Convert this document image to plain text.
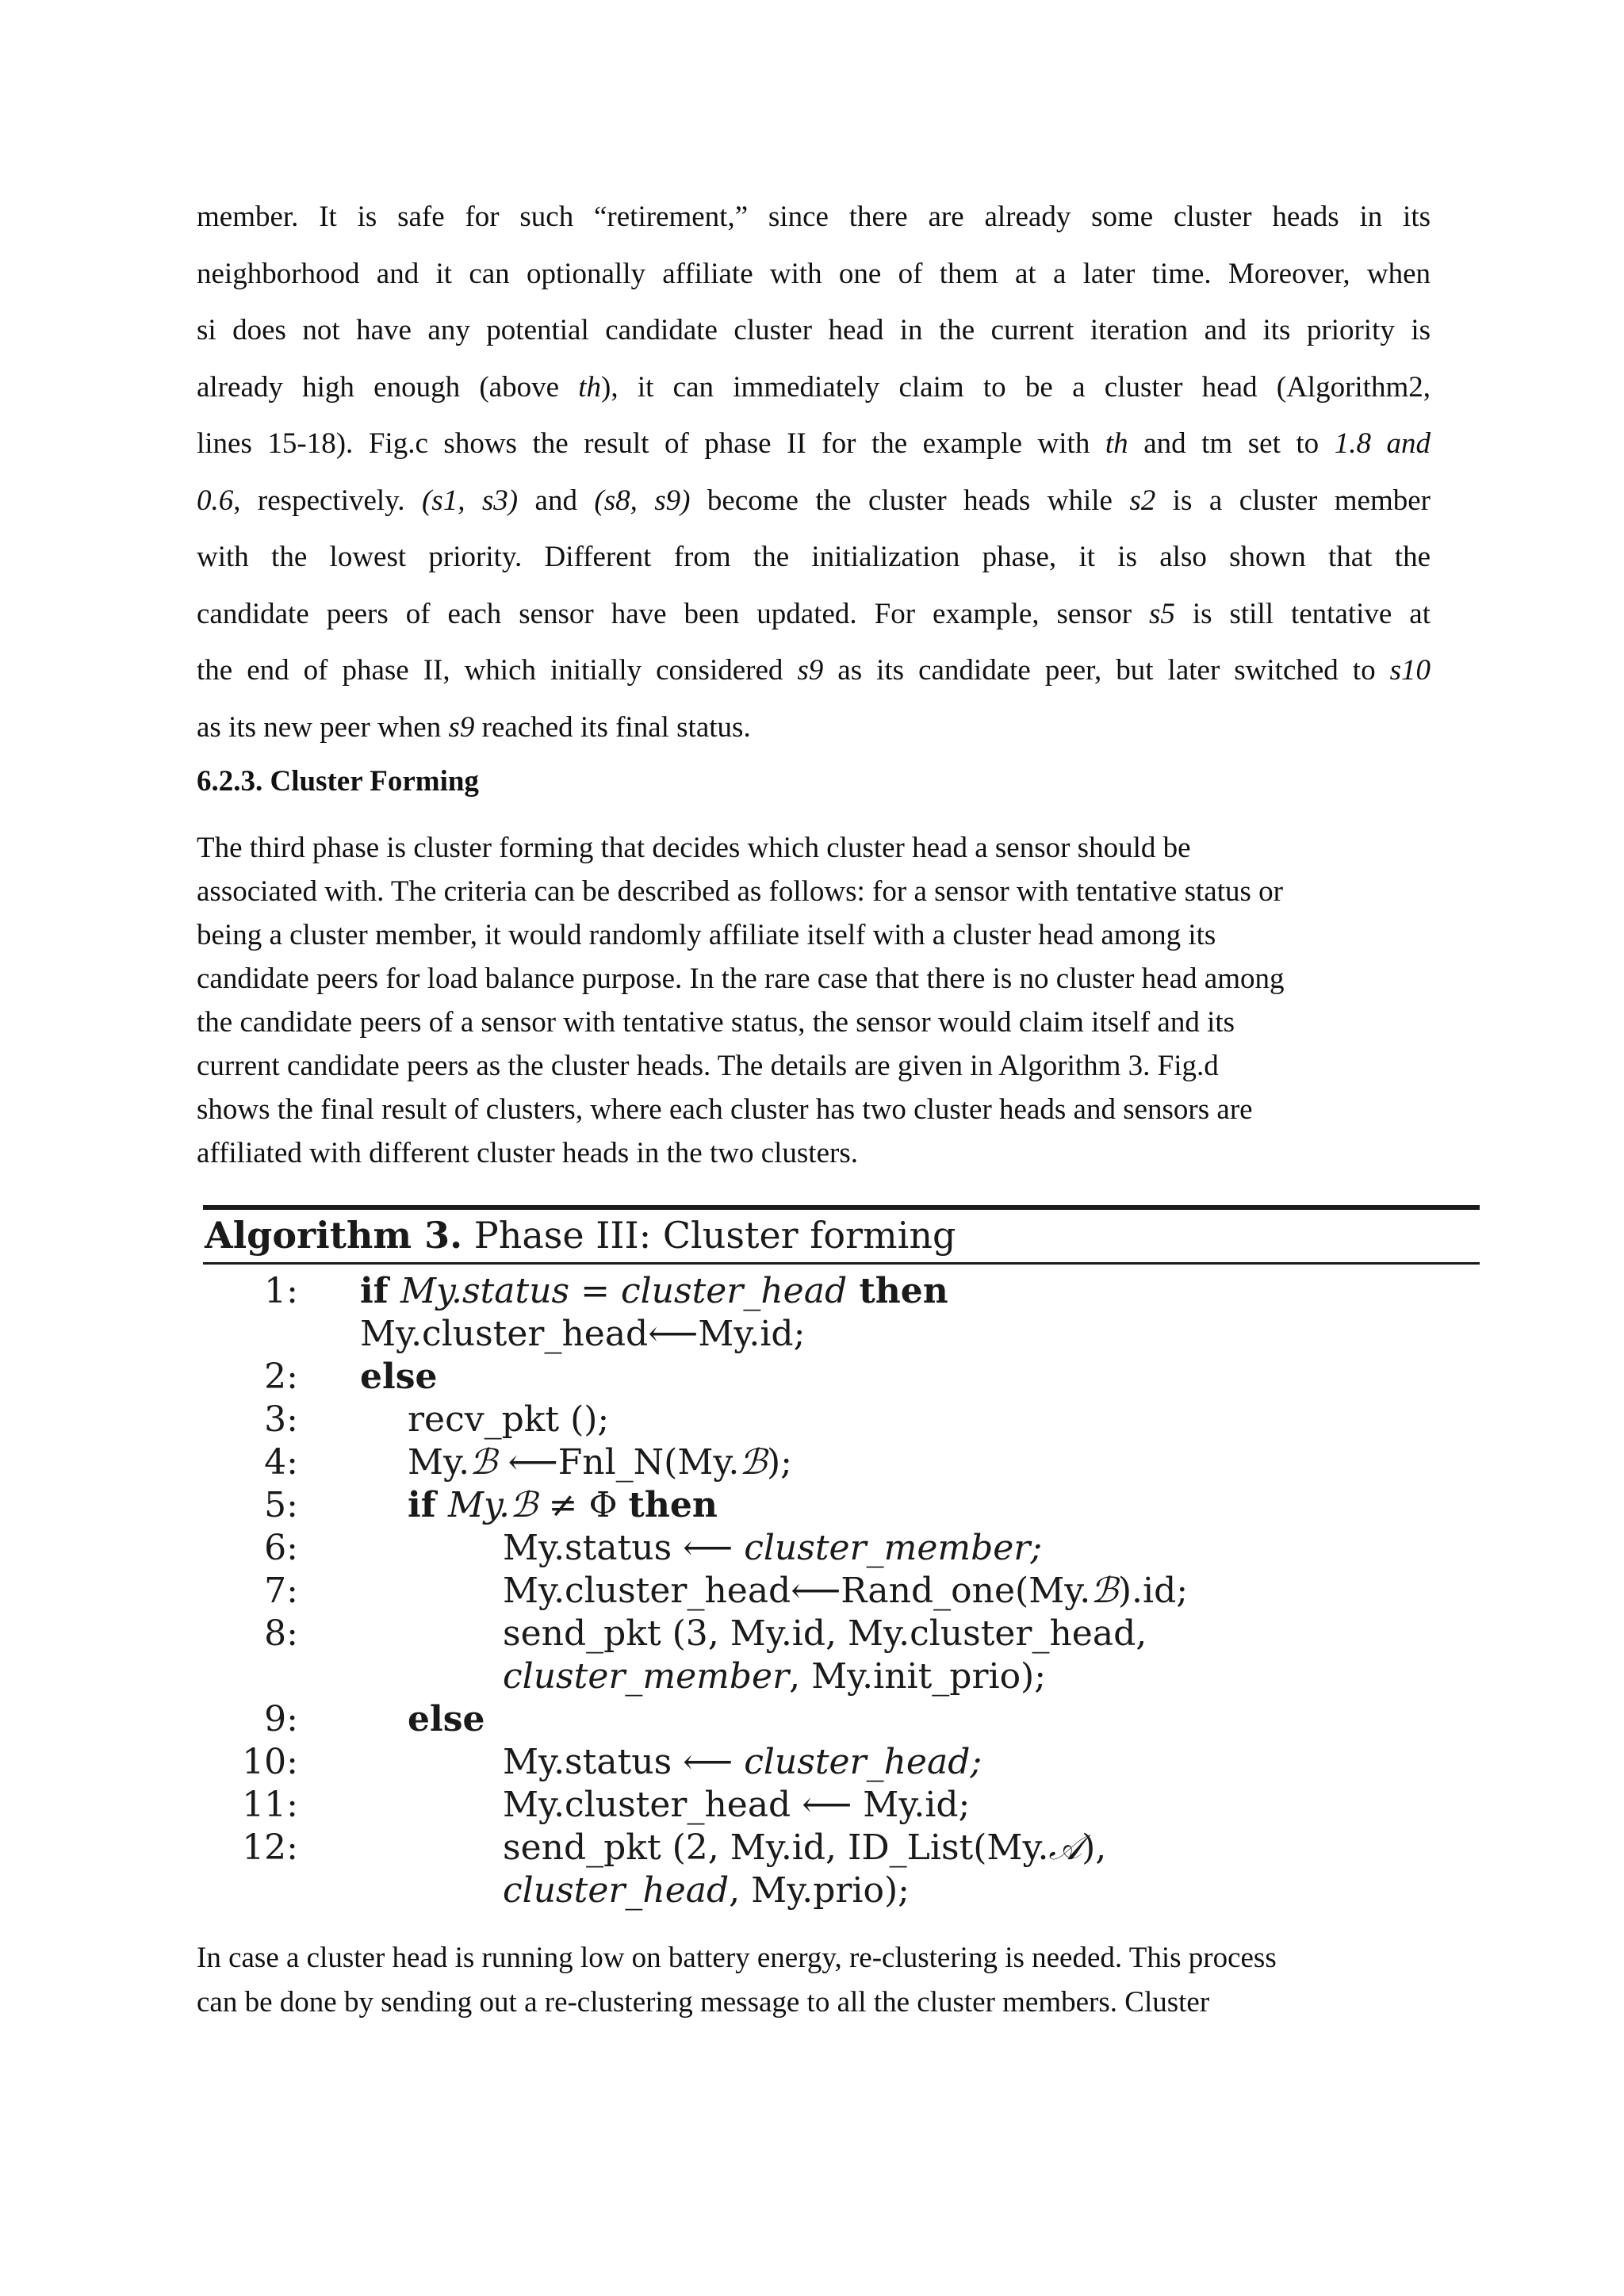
member. It is safe for such “retirement,” since there are already some cluster heads in its
neighborhood and it can optionally affiliate with one of them at a later time. Moreover, when
si does not have any potential candidate cluster head in the current iteration and its priority is
already high enough (above th), it can immediately claim to be a cluster head (Algorithm2,
lines 15-18). Fig.c shows the result of phase II for the example with th and tm set to 1.8 and
0.6, respectively. (s1, s3) and (s8, s9) become the cluster heads while s2 is a cluster member
with the lowest priority. Different from the initialization phase, it is also shown that the
candidate peers of each sensor have been updated. For example, sensor s5 is still tentative at
the end of phase II, which initially considered s9 as its candidate peer, but later switched to s10
as its new peer when s9 reached its final status.
6.2.3. Cluster Forming
The third phase is cluster forming that decides which cluster head a sensor should be
associated with. The criteria can be described as follows: for a sensor with tentative status or
being a cluster member, it would randomly affiliate itself with a cluster head among its
candidate peers for load balance purpose. In the rare case that there is no cluster head among
the candidate peers of a sensor with tentative status, the sensor would claim itself and its
current candidate peers as the cluster heads. The details are given in Algorithm 3. Fig.d
shows the final result of clusters, where each cluster has two cluster heads and sensors are
affiliated with different cluster heads in the two clusters.
Algorithm 3. Phase III: Cluster forming
1: if My.status = cluster_head then
My.cluster_head⟵My.id;
2: else
3:	recv_pkt ();
4:	My.ℬ ⟵Fnl_N(My.ℬ);
5:	if My.ℬ ≠ Φ then
6:	My.status ⟵ cluster_member;
7:	My.cluster_head⟵Rand_one(My.ℬ).id;
8:	send_pkt (3, My.id, My.cluster_head,
cluster_member, My.init_prio);
9:	else
10:	My.status ⟵ cluster_head;
11:	My.cluster_head ⟵ My.id;
12:	send_pkt (2, My.id, ID_List(My.𝒜),
cluster_head, My.prio);
In case a cluster head is running low on battery energy, re-clustering is needed. This process
can be done by sending out a re-clustering message to all the cluster members. Cluster
